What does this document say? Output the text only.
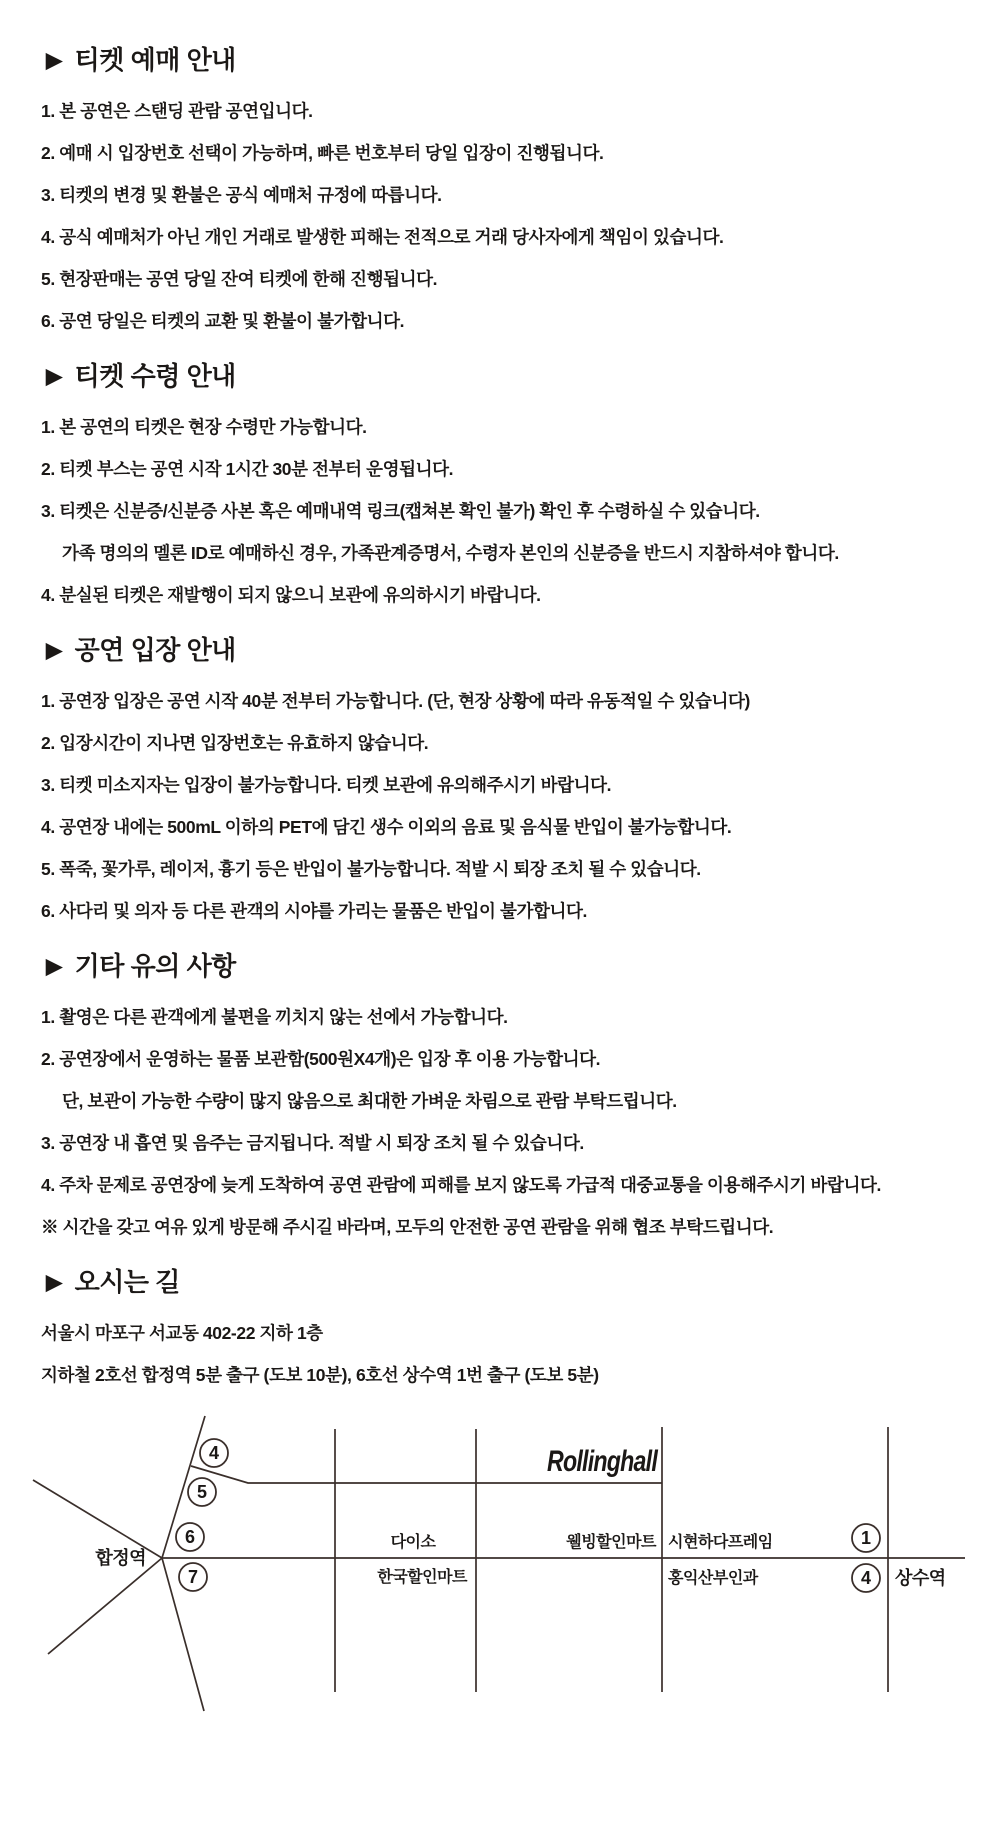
▶ 티켓 예매 안내

1. 본 공연은 스탠딩 관람 공연입니다.

2. 예매 시 입장번호 선택이 가능하며, 빠른 번호부터 당일 입장이 진행됩니다.

3. 티켓의 변경 및 환불은 공식 예매처 규정에 따릅니다.

4. 공식 예매처가 아닌 개인 거래로 발생한 피해는 전적으로 거래 당사자에게 책임이 있습니다.

5. 현장판매는 공연 당일 잔여 티켓에 한해 진행됩니다.

6. 공연 당일은 티켓의 교환 및 환불이 불가합니다.

▶ 티켓 수령 안내

1. 본 공연의 티켓은 현장 수령만 가능합니다.

2. 티켓 부스는 공연 시작 1시간 30분 전부터 운영됩니다.

3. 티켓은 신분증/신분증 사본 혹은 예매내역 링크(캡쳐본 확인 불가) 확인 후 수령하실 수 있습니다.

가족 명의의 멜론 ID로 예매하신 경우, 가족관계증명서, 수령자 본인의 신분증을 반드시 지참하셔야 합니다.

4. 분실된 티켓은 재발행이 되지 않으니 보관에 유의하시기 바랍니다.

▶ 공연 입장 안내

1. 공연장 입장은 공연 시작 40분 전부터 가능합니다. (단, 현장 상황에 따라 유동적일 수 있습니다)

2. 입장시간이 지나면 입장번호는 유효하지 않습니다.

3. 티켓 미소지자는 입장이 불가능합니다. 티켓 보관에 유의해주시기 바랍니다.

4. 공연장 내에는 500mL 이하의 PET에 담긴 생수 이외의 음료 및 음식물 반입이 불가능합니다.

5. 폭죽, 꽃가루, 레이저, 흉기 등은 반입이 불가능합니다. 적발 시 퇴장 조치 될 수 있습니다.

6. 사다리 및 의자 등 다른 관객의 시야를 가리는 물품은 반입이 불가합니다.

▶ 기타 유의 사항

1. 촬영은 다른 관객에게 불편을 끼치지 않는 선에서 가능합니다.

2. 공연장에서 운영하는 물품 보관함(500원X4개)은 입장 후 이용 가능합니다.

단, 보관이 가능한 수량이 많지 않음으로 최대한 가벼운 차림으로 관람 부탁드립니다.

3. 공연장 내 흡연 및 음주는 금지됩니다. 적발 시 퇴장 조치 될 수 있습니다.

4. 주차 문제로 공연장에 늦게 도착하여 공연 관람에 피해를 보지 않도록 가급적 대중교통을 이용해주시기 바랍니다.

※ 시간을 갖고 여유 있게 방문해 주시길 바라며, 모두의 안전한 공연 관람을 위해 협조 부탁드립니다.

▶ 오시는 길

서울시 마포구 서교동 402-22 지하 1층

지하철 2호선 합정역 5분 출구 (도보 10분), 6호선 상수역 1번 출구 (도보 5분)

4
5
6
7
1
4
합정역
Rollinghall
다이소
한국할인마트
웰빙할인마트 시현하다프레임
홍익산부인과	상수역
